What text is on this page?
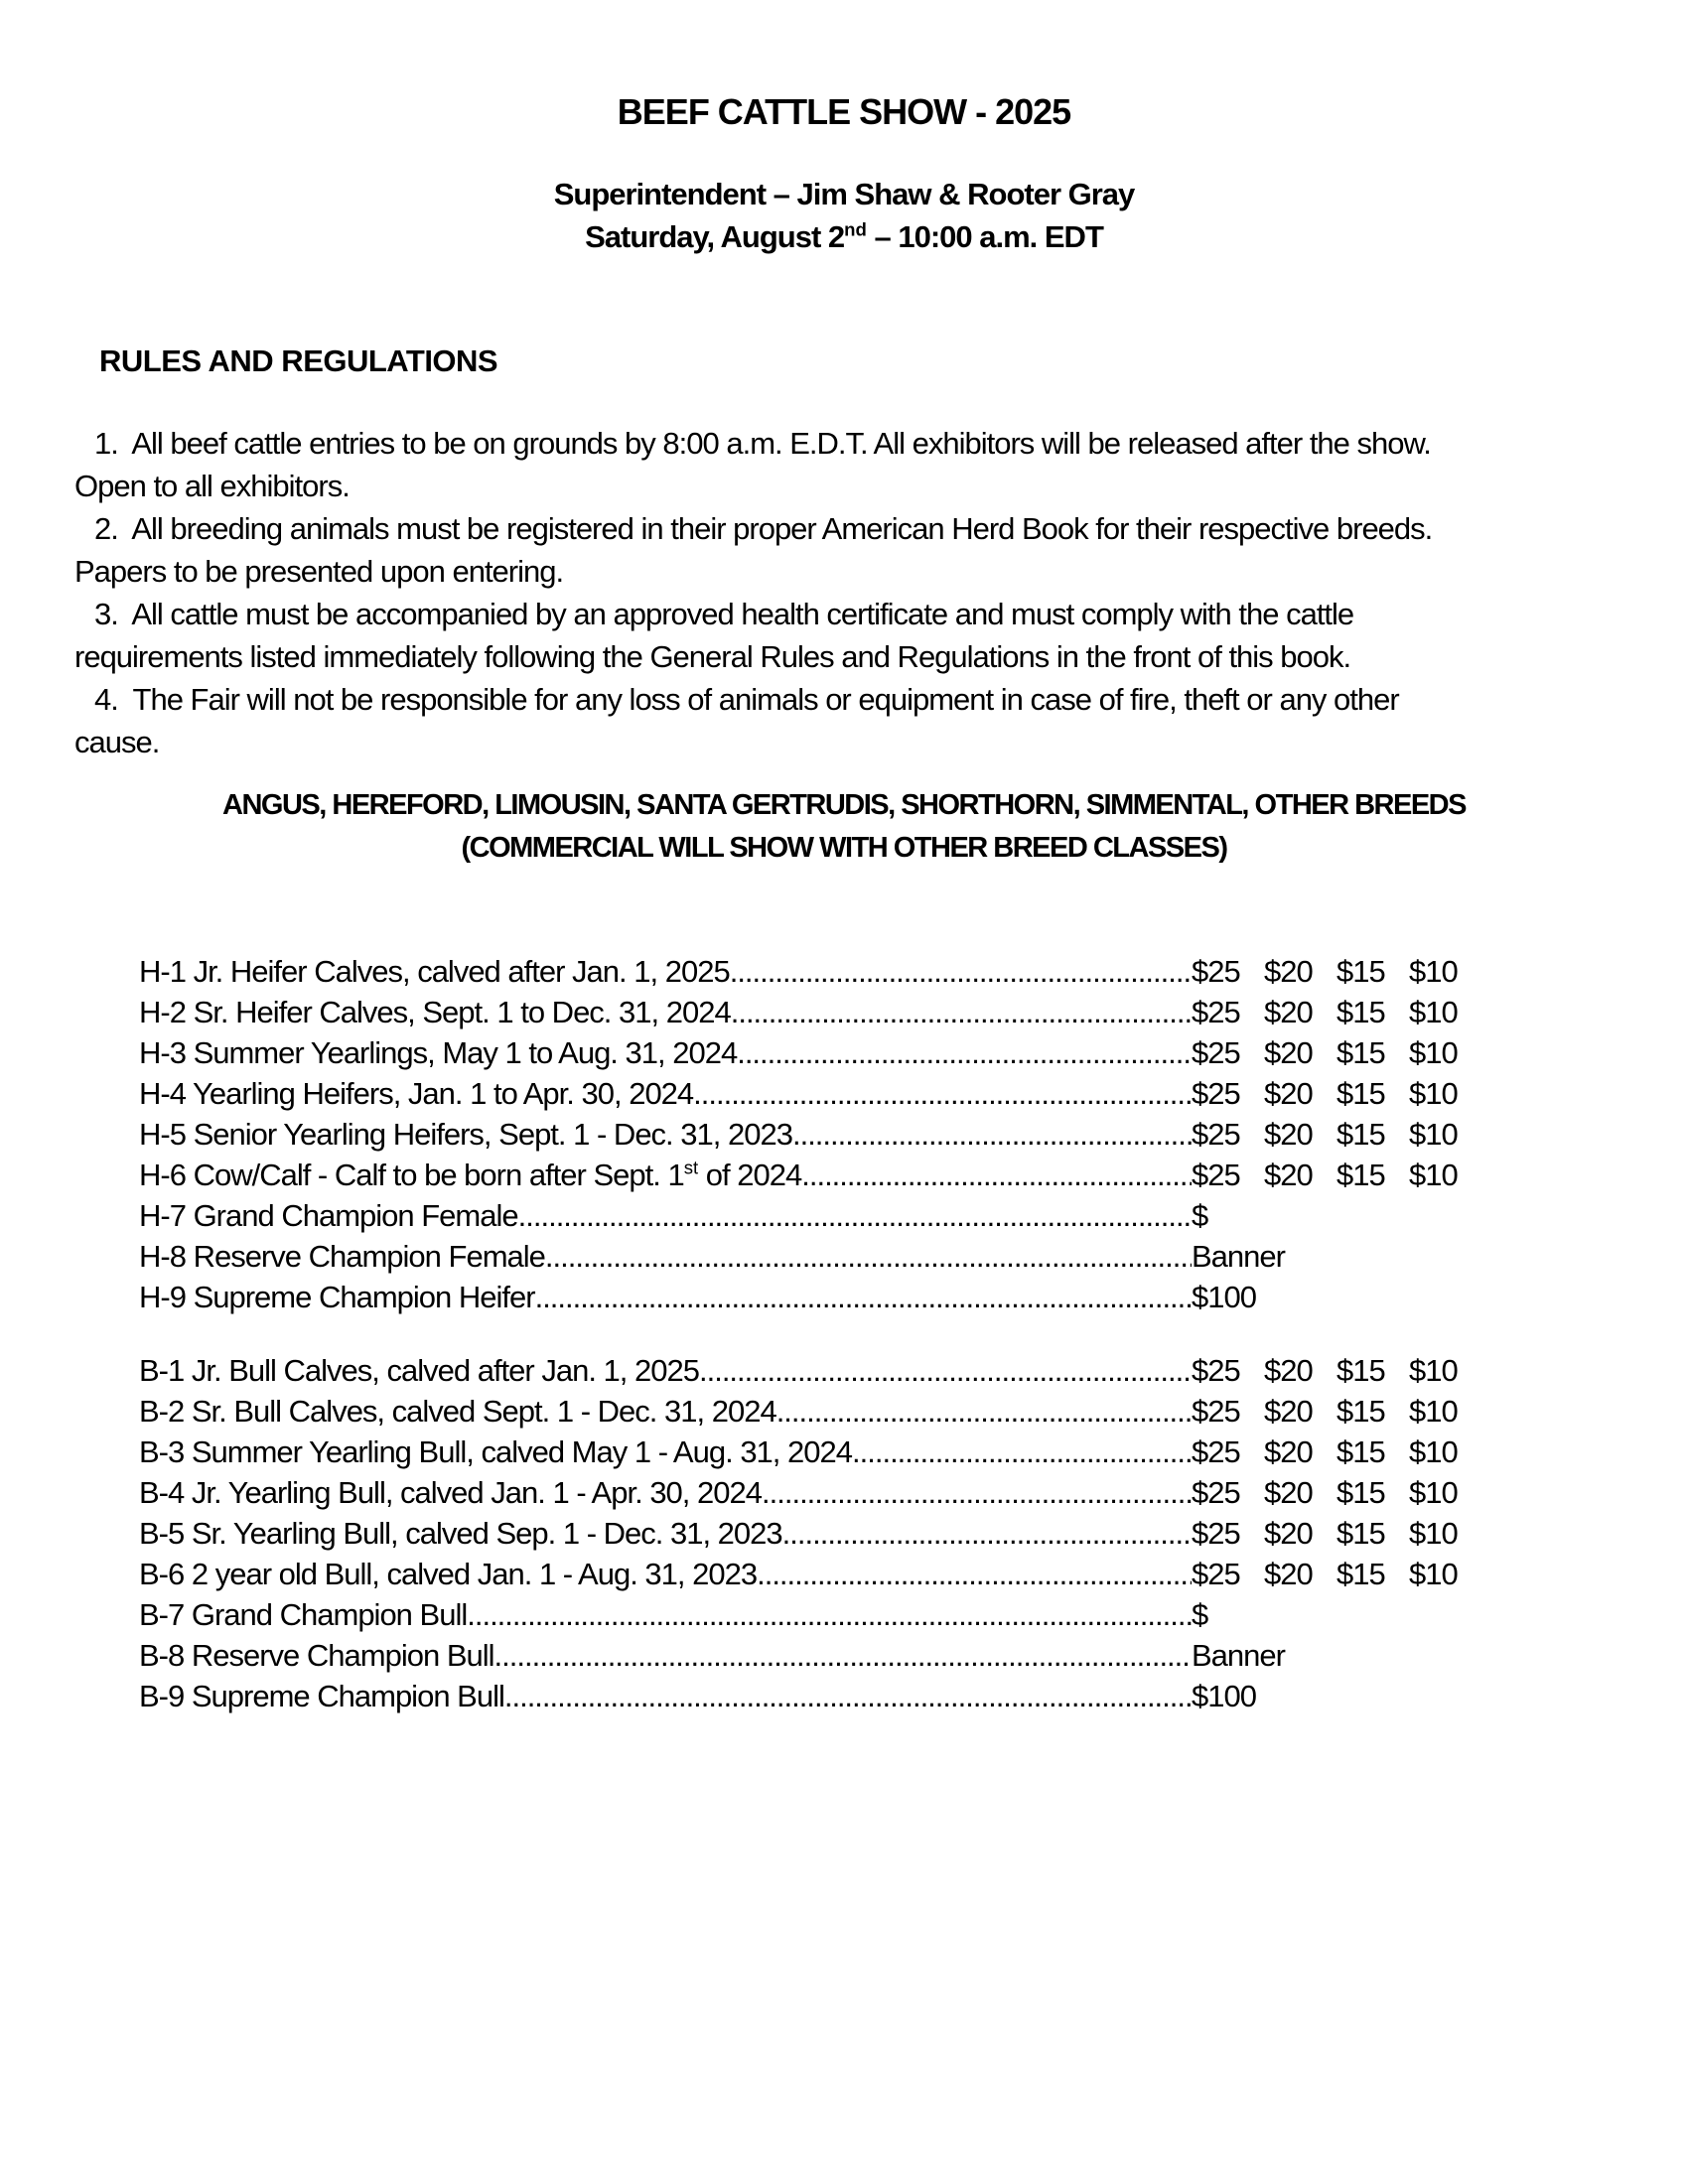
BEEF CATTLE SHOW - 2025
Superintendent – Jim Shaw & Rooter Gray
Saturday, August 2nd – 10:00 a.m. EDT
RULES AND REGULATIONS
1.  All beef cattle entries to be on grounds by 8:00 a.m. E.D.T. All exhibitors will be released after the show.
Open to all exhibitors.
2.  All breeding animals must be registered in their proper American Herd Book for their respective breeds.
Papers to be presented upon entering.
3.  All cattle must be accompanied by an approved health certificate and must comply with the cattle
requirements listed immediately following the General Rules and Regulations in the front of this book.
4.  The Fair will not be responsible for any loss of animals or equipment in case of fire, theft or any other
cause.
ANGUS, HEREFORD, LIMOUSIN, SANTA GERTRUDIS, SHORTHORN, SIMMENTAL, OTHER BREEDS
(COMMERCIAL WILL SHOW WITH OTHER BREED CLASSES)
H-1 Jr. Heifer Calves, calved after Jan. 1, 2025 .....	$25 $20 $15 $10
H-2 Sr. Heifer Calves, Sept. 1 to Dec. 31, 2024 .....	$25 $20 $15 $10
H-3 Summer Yearlings, May 1 to Aug. 31, 2024 .....	$25 $20 $15 $10
H-4 Yearling Heifers, Jan. 1 to Apr. 30, 2024 .....	$25 $20 $15 $10
H-5 Senior Yearling Heifers, Sept. 1 - Dec. 31, 2023 .....	$25 $20 $15 $10
H-6 Cow/Calf - Calf to be born after Sept. 1st of 2024 .....	$25 $20 $15 $10
H-7 Grand Champion Female .....	$
H-8 Reserve Champion Female .....	Banner
H-9 Supreme Champion Heifer .....	$100
B-1 Jr. Bull Calves, calved after Jan. 1, 2025 .....	$25 $20 $15 $10
B-2 Sr. Bull Calves, calved Sept. 1 - Dec. 31, 2024 .....	$25 $20 $15 $10
B-3 Summer Yearling Bull, calved May 1 - Aug. 31, 2024 .....	$25 $20 $15 $10
B-4 Jr. Yearling Bull, calved Jan. 1 - Apr. 30, 2024 .....	$25 $20 $15 $10
B-5 Sr. Yearling Bull, calved Sep. 1 - Dec. 31, 2023 .....	$25 $20 $15 $10
B-6 2 year old Bull, calved Jan. 1 - Aug. 31, 2023 .....	$25 $20 $15 $10
B-7 Grand Champion Bull .....	$
B-8 Reserve Champion Bull .....	Banner
B-9 Supreme Champion Bull .....	$100
